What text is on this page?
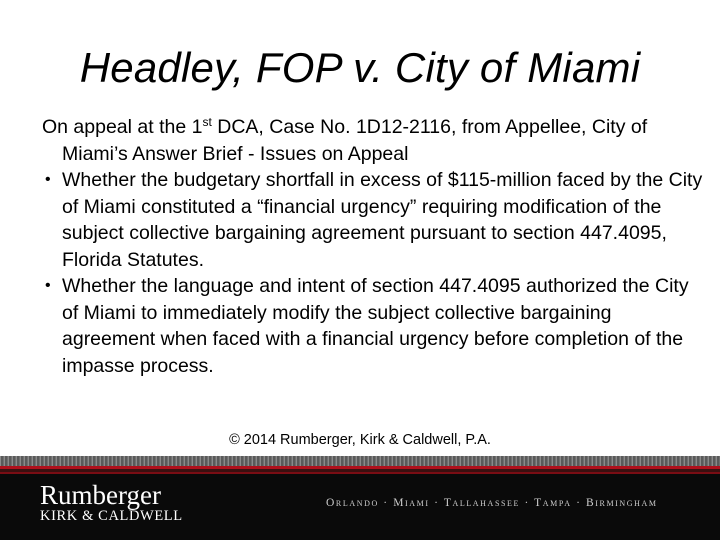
Headley, FOP v. City of Miami

On appeal at the 1st DCA, Case No. 1D12-2116, from Appellee, City of Miami’s Answer Brief - Issues on Appeal

• Whether the budgetary shortfall in excess of $115-million faced by the City of Miami constituted a “financial urgency” requiring modification of the subject collective bargaining agreement pursuant to section 447.4095, Florida Statutes.
• Whether the language and intent of section 447.4095 authorized the City of Miami to immediately modify the subject collective bargaining agreement when faced with a financial urgency before completion of the impasse process.
© 2014 Rumberger, Kirk & Caldwell, P.A.
Rumberger
KIRK & CALDWELL
Orlando · Miami · Tallahassee · Tampa · Birmingham
